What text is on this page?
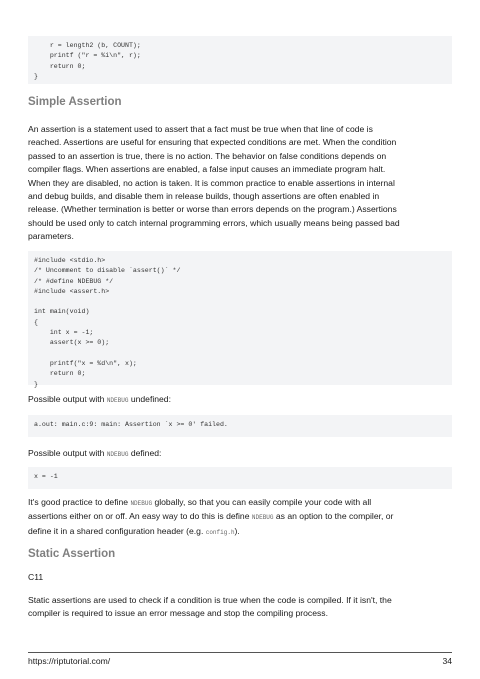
r = length2 (b, COUNT);
printf ("r = %i\n", r);
return 0;
}
Simple Assertion
An assertion is a statement used to assert that a fact must be true when that line of code is
reached. Assertions are useful for ensuring that expected conditions are met. When the condition
passed to an assertion is true, there is no action. The behavior on false conditions depends on
compiler flags. When assertions are enabled, a false input causes an immediate program halt.
When they are disabled, no action is taken. It is common practice to enable assertions in internal
and debug builds, and disable them in release builds, though assertions are often enabled in
release. (Whether termination is better or worse than errors depends on the program.) Assertions
should be used only to catch internal programming errors, which usually means being passed bad
parameters.
#include <stdio.h>
/* Uncomment to disable `assert()` */
/* #define NDEBUG */
#include <assert.h>
int main(void)
{
int x = -1;
assert(x >= 0);
printf("x = %d\n", x);
return 0;
}

Possible output with NDEBUG undefined:

a.out: main.c:9: main: Assertion `x >= 0' failed.

Possible output with NDEBUG defined:

x = -1
It's good practice to define NDEBUG globally, so that you can easily compile your code with all
assertions either on or off. An easy way to do this is define NDEBUG as an option to the compiler, or
define it in a shared configuration header (e.g. config.h).
Static Assertion

C11

Static assertions are used to check if a condition is true when the code is compiled. If it isn't, the
compiler is required to issue an error message and stop the compiling process.
https://riptutorial.com/	34
